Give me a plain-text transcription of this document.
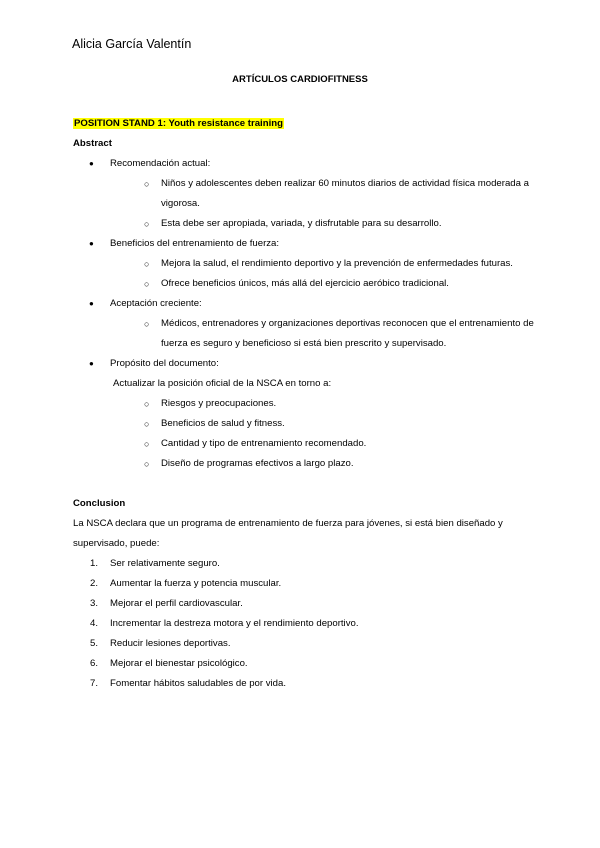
Alicia García Valentín
ARTÍCULOS CARDIOFITNESS
POSITION STAND 1: Youth resistance training
Abstract
● Recomendación actual:
○ Niños y adolescentes deben realizar 60 minutos diarios de actividad física moderada a vigorosa.
○ Esta debe ser apropiada, variada, y disfrutable para su desarrollo.
● Beneficios del entrenamiento de fuerza:
○ Mejora la salud, el rendimiento deportivo y la prevención de enfermedades futuras.
○ Ofrece beneficios únicos, más allá del ejercicio aeróbico tradicional.
● Aceptación creciente:
○ Médicos, entrenadores y organizaciones deportivas reconocen que el entrenamiento de fuerza es seguro y beneficioso si está bien prescrito y supervisado.
● Propósito del documento:
Actualizar la posición oficial de la NSCA en torno a:
○ Riesgos y preocupaciones.
○ Beneficios de salud y fitness.
○ Cantidad y tipo de entrenamiento recomendado.
○ Diseño de programas efectivos a largo plazo.
Conclusion
La NSCA declara que un programa de entrenamiento de fuerza para jóvenes, si está bien diseñado y supervisado, puede:
1. Ser relativamente seguro.
2. Aumentar la fuerza y potencia muscular.
3. Mejorar el perfil cardiovascular.
4. Incrementar la destreza motora y el rendimiento deportivo.
5. Reducir lesiones deportivas.
6. Mejorar el bienestar psicológico.
7. Fomentar hábitos saludables de por vida.
